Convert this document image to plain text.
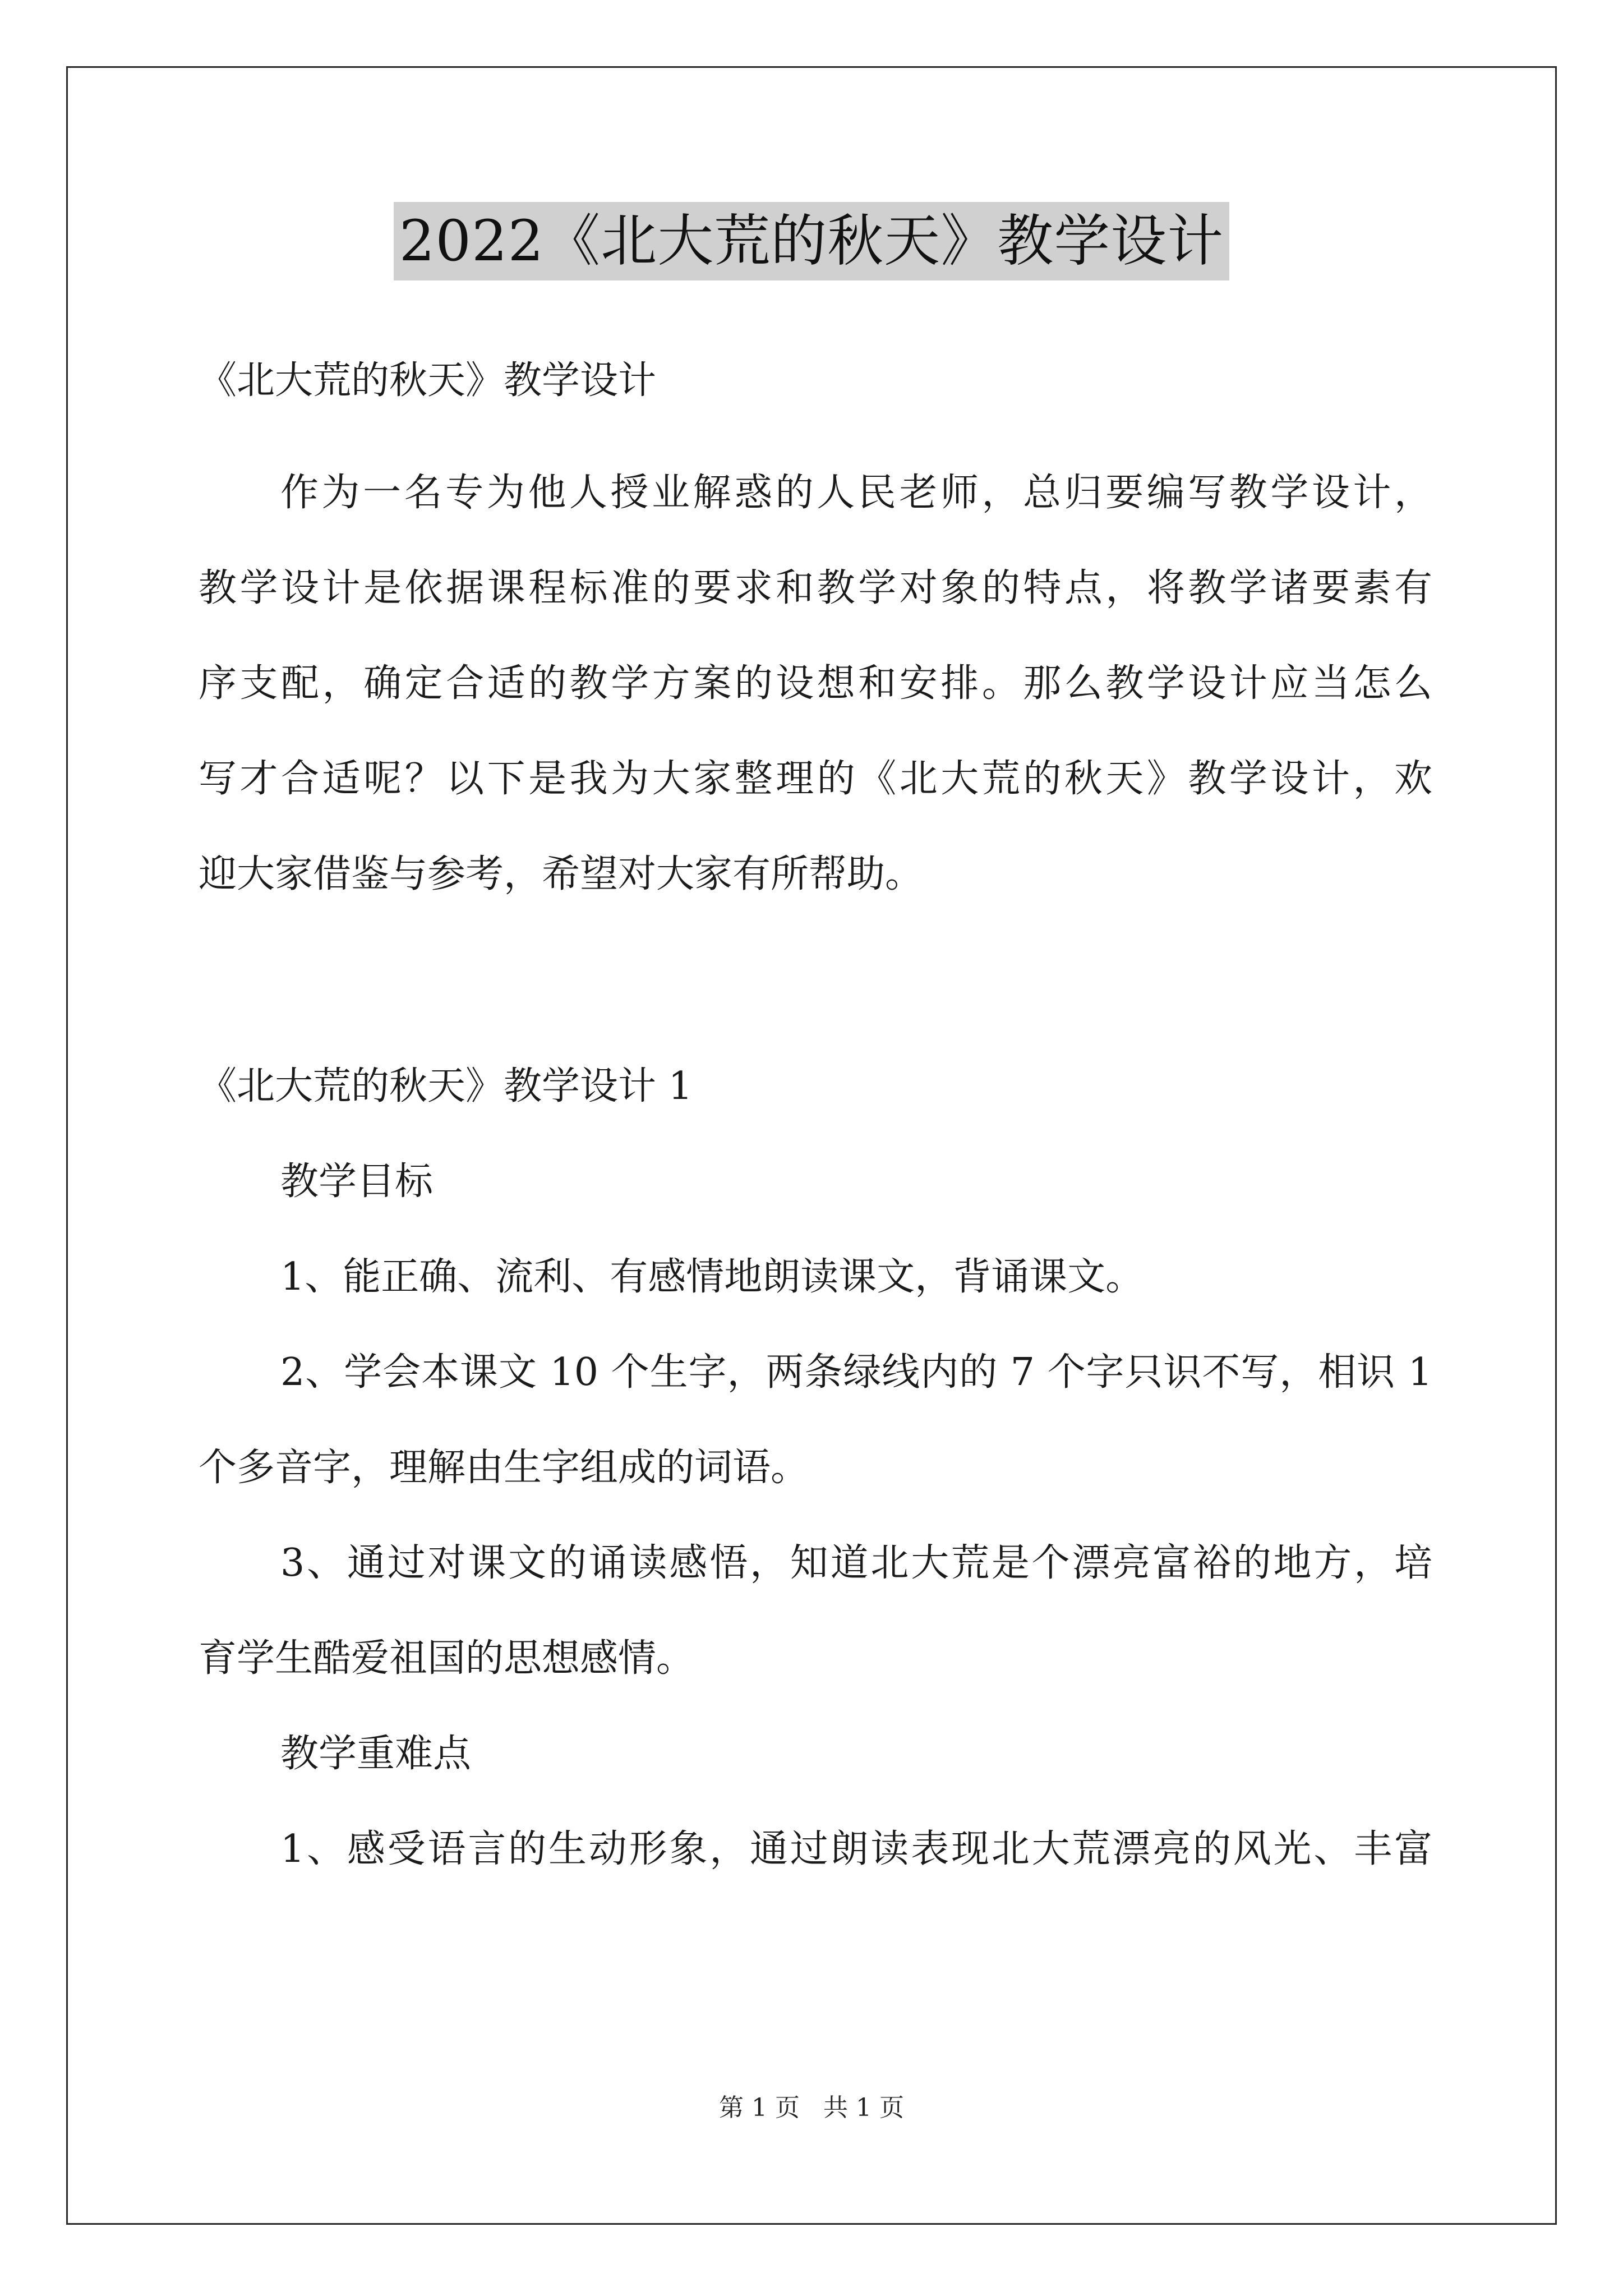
2022《北大荒的秋天》教学设计

《北大荒的秋天》教学设计

作为一名专为他人授业解惑的人民老师，总归要编写教学设计，

教学设计是依据课程标准的要求和教学对象的特点，将教学诸要素有

序支配，确定合适的教学方案的设想和安排。那么教学设计应当怎么

写才合适呢？以下是我为大家整理的《北大荒的秋天》教学设计，欢

迎大家借鉴与参考，希望对大家有所帮助。

《北大荒的秋天》教学设计 1

教学目标

1、能正确、流利、有感情地朗读课文，背诵课文。

2、学会本课文 10 个生字，两条绿线内的 7 个字只识不写，相识 1

个多音字，理解由生字组成的词语。

3、通过对课文的诵读感悟，知道北大荒是个漂亮富裕的地方，培

育学生酷爱祖国的思想感情。

教学重难点

1、感受语言的生动形象，通过朗读表现北大荒漂亮的风光、丰富

第 1 页 共 1 页
